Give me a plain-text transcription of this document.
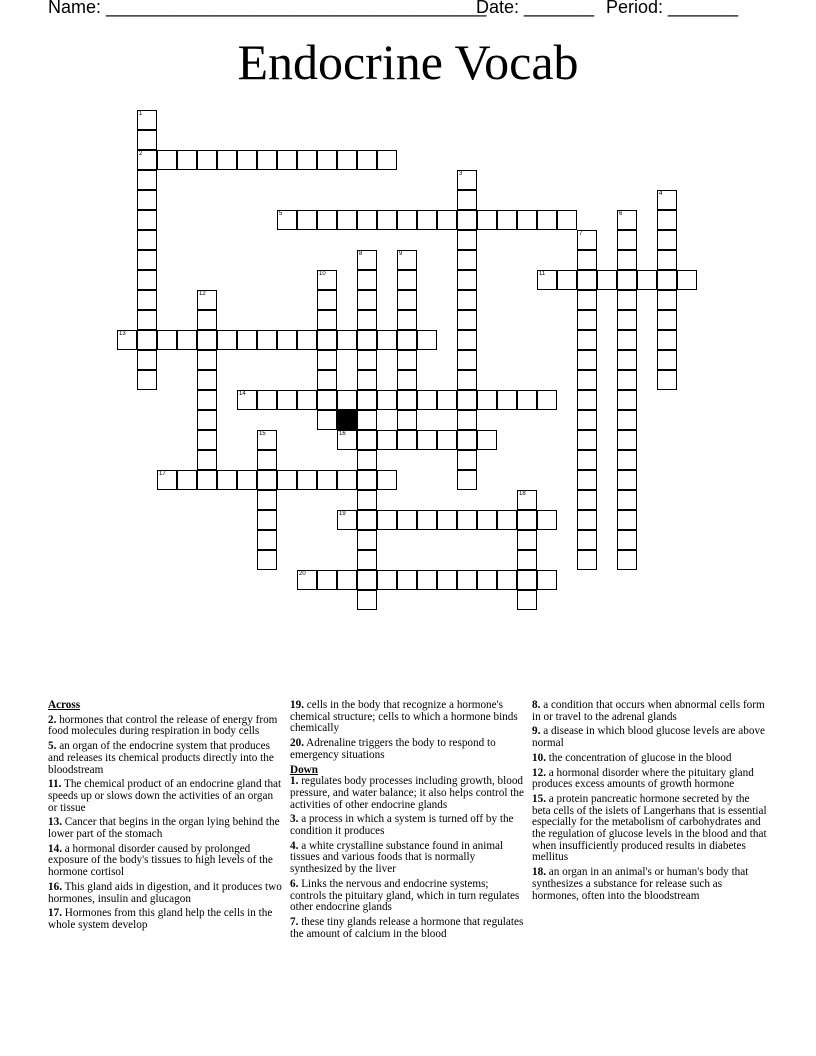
Name: ______________________________________
Date: _______ Period: _______
Endocrine Vocab
1
2
3
4
5	6
7
8	9
10	11
12
13
14
15	16
17
18
19
20

Across

2. hormones that control the release of energy from food molecules during respiration in body cells

5. an organ of the endocrine system that produces and releases its chemical products directly into the bloodstream

11. The chemical product of an endocrine gland that speeds up or slows down the activities of an organ or tissue

13. Cancer that begins in the organ lying behind the lower part of the stomach

14. a hormonal disorder caused by prolonged exposure of the body's tissues to high levels of the hormone cortisol

16. This gland aids in digestion, and it produces two hormones, insulin and glucagon

17. Hormones from this gland help the cells in the whole system develop

19. cells in the body that recognize a hormone's chemical structure; cells to which a hormone binds chemically

20. Adrenaline triggers the body to respond to emergency situations

Down

1. regulates body processes including growth, blood pressure, and water balance; it also helps control the activities of other endocrine glands

3. a process in which a system is turned off by the condition it produces

4. a white crystalline substance found in animal tissues and various foods that is normally synthesized by the liver

6. Links the nervous and endocrine systems; controls the pituitary gland, which in turn regulates other endocrine glands

7. these tiny glands release a hormone that regulates the amount of calcium in the blood

8. a condition that occurs when abnormal cells form in or travel to the adrenal glands

9. a disease in which blood glucose levels are above normal

10. the concentration of glucose in the blood

12. a hormonal disorder where the pituitary gland produces excess amounts of growth hormone

15. a protein pancreatic hormone secreted by the beta cells of the islets of Langerhans that is essential especially for the metabolism of carbohydrates and the regulation of glucose levels in the blood and that when insufficiently produced results in diabetes mellitus

18. an organ in an animal's or human's body that synthesizes a substance for release such as hormones, often into the bloodstream
